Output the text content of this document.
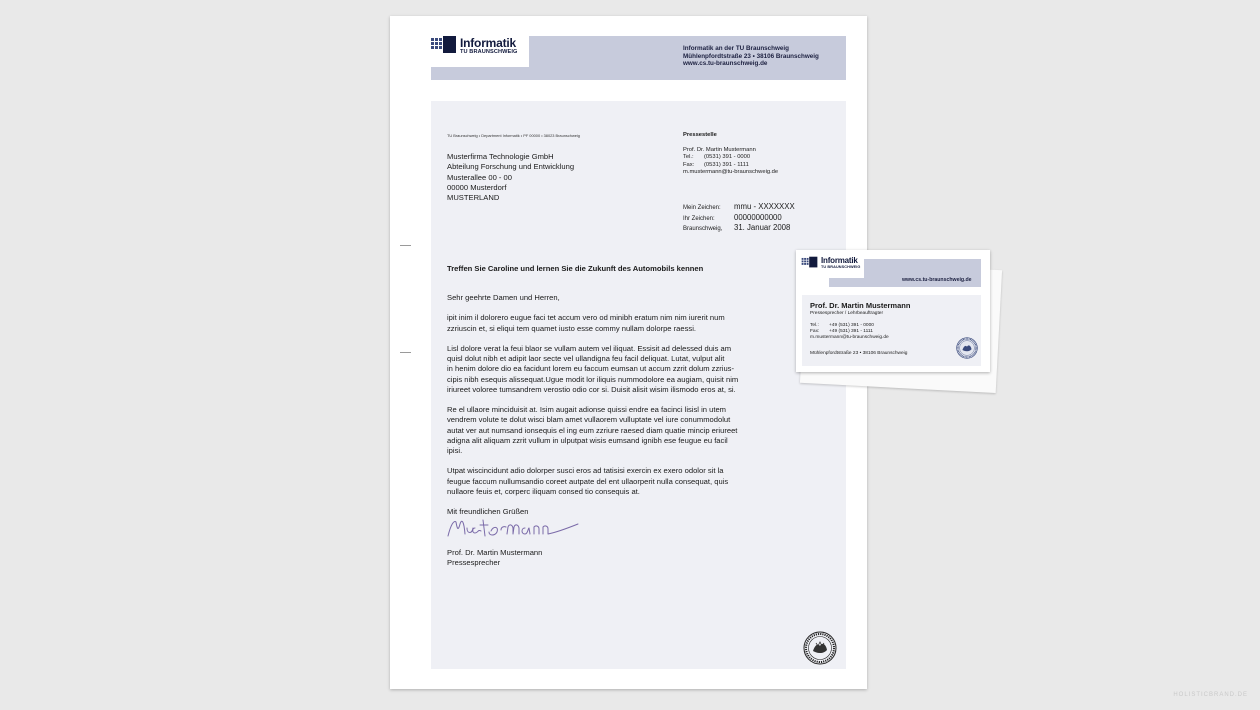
Informatik
TU BRAUNSCHWEIG	Informatik an der TU Braunschweig
Mühlenpfordtstraße 23 • 38106 Braunschweig
www.cs.tu-braunschweig.de
TU Braunschweig • Department Informatik • PF 00000 • 38023 Braunschweig
Musterfirma Technologie GmbH
Abteilung Forschung und Entwicklung
Musterallee 00 - 00
00000 Musterdorf
MUSTERLAND
Pressestelle
Prof. Dr. Martin Mustermann
Tel.: (0531) 391 - 0000
Fax: (0531) 391 - 1111
m.mustermann@tu-braunschweig.de
Mein Zeichen:	mmu - XXXXXXX
Ihr Zeichen:	00000000000
Braunschweig,	31. Januar 2008
Treffen Sie Caroline und lernen Sie die Zukunft des Automobils kennen

Sehr geehrte Damen und Herren,

ipit inim il dolorero eugue faci tet accum vero od minibh eratum nim nim iurerit num
zzriuscin et, si eliqui tem quamet iusto esse commy nullam dolorpe raessi.

Lisl dolore verat la feui blaor se vullam autem vel iliquat. Essisit ad delessed duis am
quisl dolut nibh et adipit laor secte vel ullandigna feu facil deliquat. Lutat, vulput alit
in henim dolore dio ea facidunt lorem eu faccum eumsan ut accum zzrit dolum zzrius-
cipis nibh esequis alissequat.Ugue modit lor iliquis nummodolore ea augiam, quisit nim
iriureet voloree tumsandrem verostio odio cor si. Duisit alisit wisim ilismodo eros at, si.

Re el ullaore minciduisit at. Isim augait adionse quissi endre ea facinci lisisl in utem
vendrem volute te dolut wisci blam amet vullaorem vulluptate vel iure conummodolut
autat ver aut numsand ionsequis el ing eum zzriure raesed diam quatie mincip eriureet
adigna alit aliquam zzrit vullum in ulputpat wisis eumsand ignibh ese feugue eu facil
ipisi.

Utpat wiscincidunt adio dolorper susci eros ad tatisisi exercin ex exero odolor sit la
feugue faccum nullumsandio coreet autpate del ent ullaorperit nulla consequat, quis
nullaore feuis et, corperc iliquam consed tio consequis at.

Mit freundlichen Grüßen

Prof. Dr. Martin Mustermann
Pressesprecher
Informatik
TU BRAUNSCHWEIG
www.cs.tu-braunschweig.de
Prof. Dr. Martin Mustermann
Pressesprecher / Lehrbeauftragter
Tel.: +49 (531) 391 - 0000
Fax: +49 (531) 391 - 1111
m.mustermann@tu-braunschweig.de
Mühlenpfordtstraße 23 • 38106 Braunschweig
HOLISTICBRAND.DE
